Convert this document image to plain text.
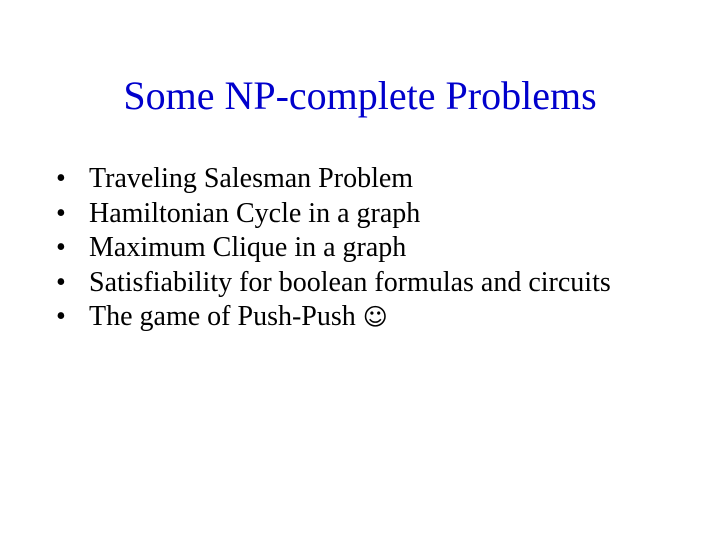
Some NP-complete Problems
• Traveling Salesman Problem
• Hamiltonian Cycle in a graph
• Maximum Clique in a graph
• Satisfiability for boolean formulas and circuits
• The game of Push-Push ☺
